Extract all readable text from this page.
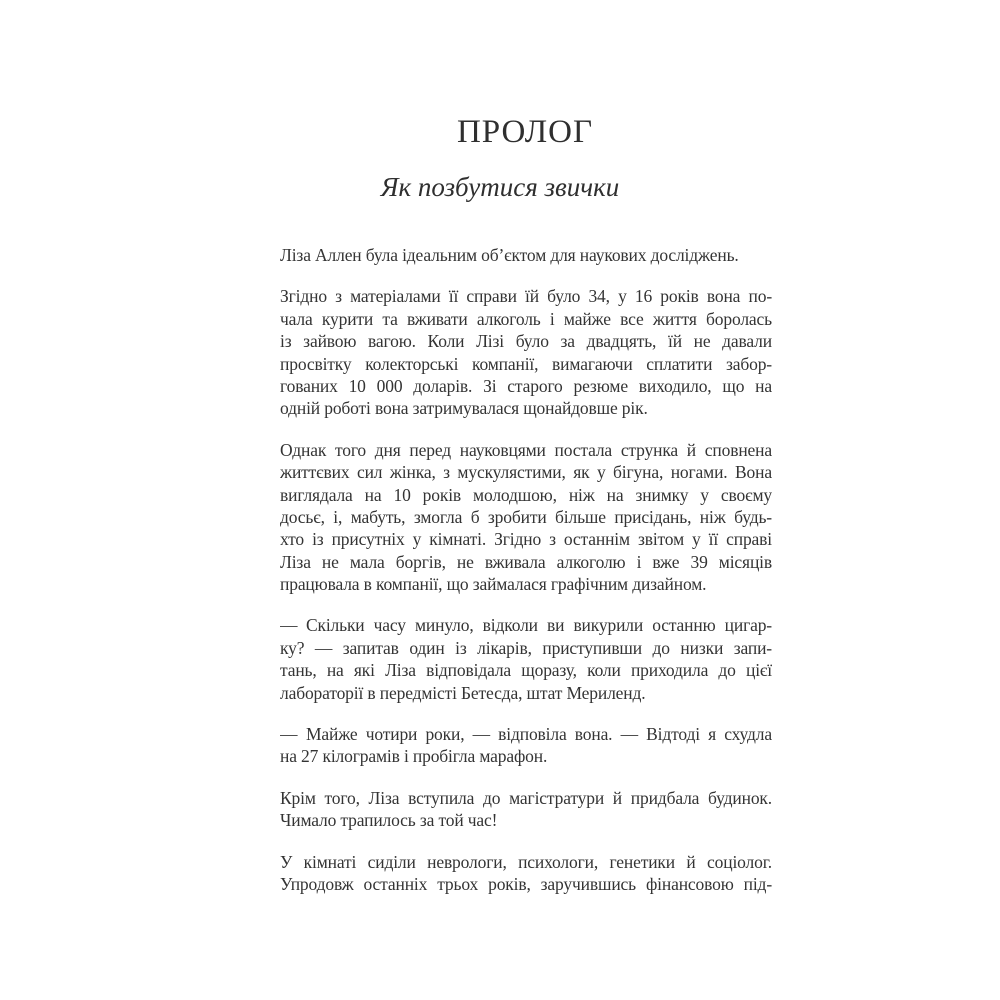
ПРОЛОГ
Як позбутися звички
Ліза Аллен була ідеальним об’єктом для наукових досліджень.
Згідно з матеріалами її справи їй було 34, у 16 років вона по-
чала курити та вживати алкоголь і майже все життя боролась
із зайвою вагою. Коли Лізі було за двадцять, їй не давали
просвітку колекторські компанії, вимагаючи сплатити забор-
гованих 10 000 доларів. Зі старого резюме виходило, що на
одній роботі вона затримувалася щонайдовше рік.
Однак того дня перед науковцями постала струнка й сповнена
життєвих сил жінка, з мускулястими, як у бігуна, ногами. Вона
виглядала на 10 років молодшою, ніж на знимку у своєму
досьє, і, мабуть, змогла б зробити більше присідань, ніж будь-
хто із присутніх у кімнаті. Згідно з останнім звітом у її справі
Ліза не мала боргів, не вживала алкоголю і вже 39 місяців
працювала в компанії, що займалася графічним дизайном.
— Скільки часу минуло, відколи ви викурили останню цигар-
ку? — запитав один із лікарів, приступивши до низки запи-
тань, на які Ліза відповідала щоразу, коли приходила до цієї
лабораторії в передмісті Бетесда, штат Мериленд.
— Майже чотири роки, — відповіла вона. — Відтоді я схудла
на 27 кілограмів і пробігла марафон.
Крім того, Ліза вступила до магістратури й придбала будинок.
Чимало трапилось за той час!
У кімнаті сиділи неврологи, психологи, генетики й соціолог.
Упродовж останніх трьох років, заручившись фінансовою під-
